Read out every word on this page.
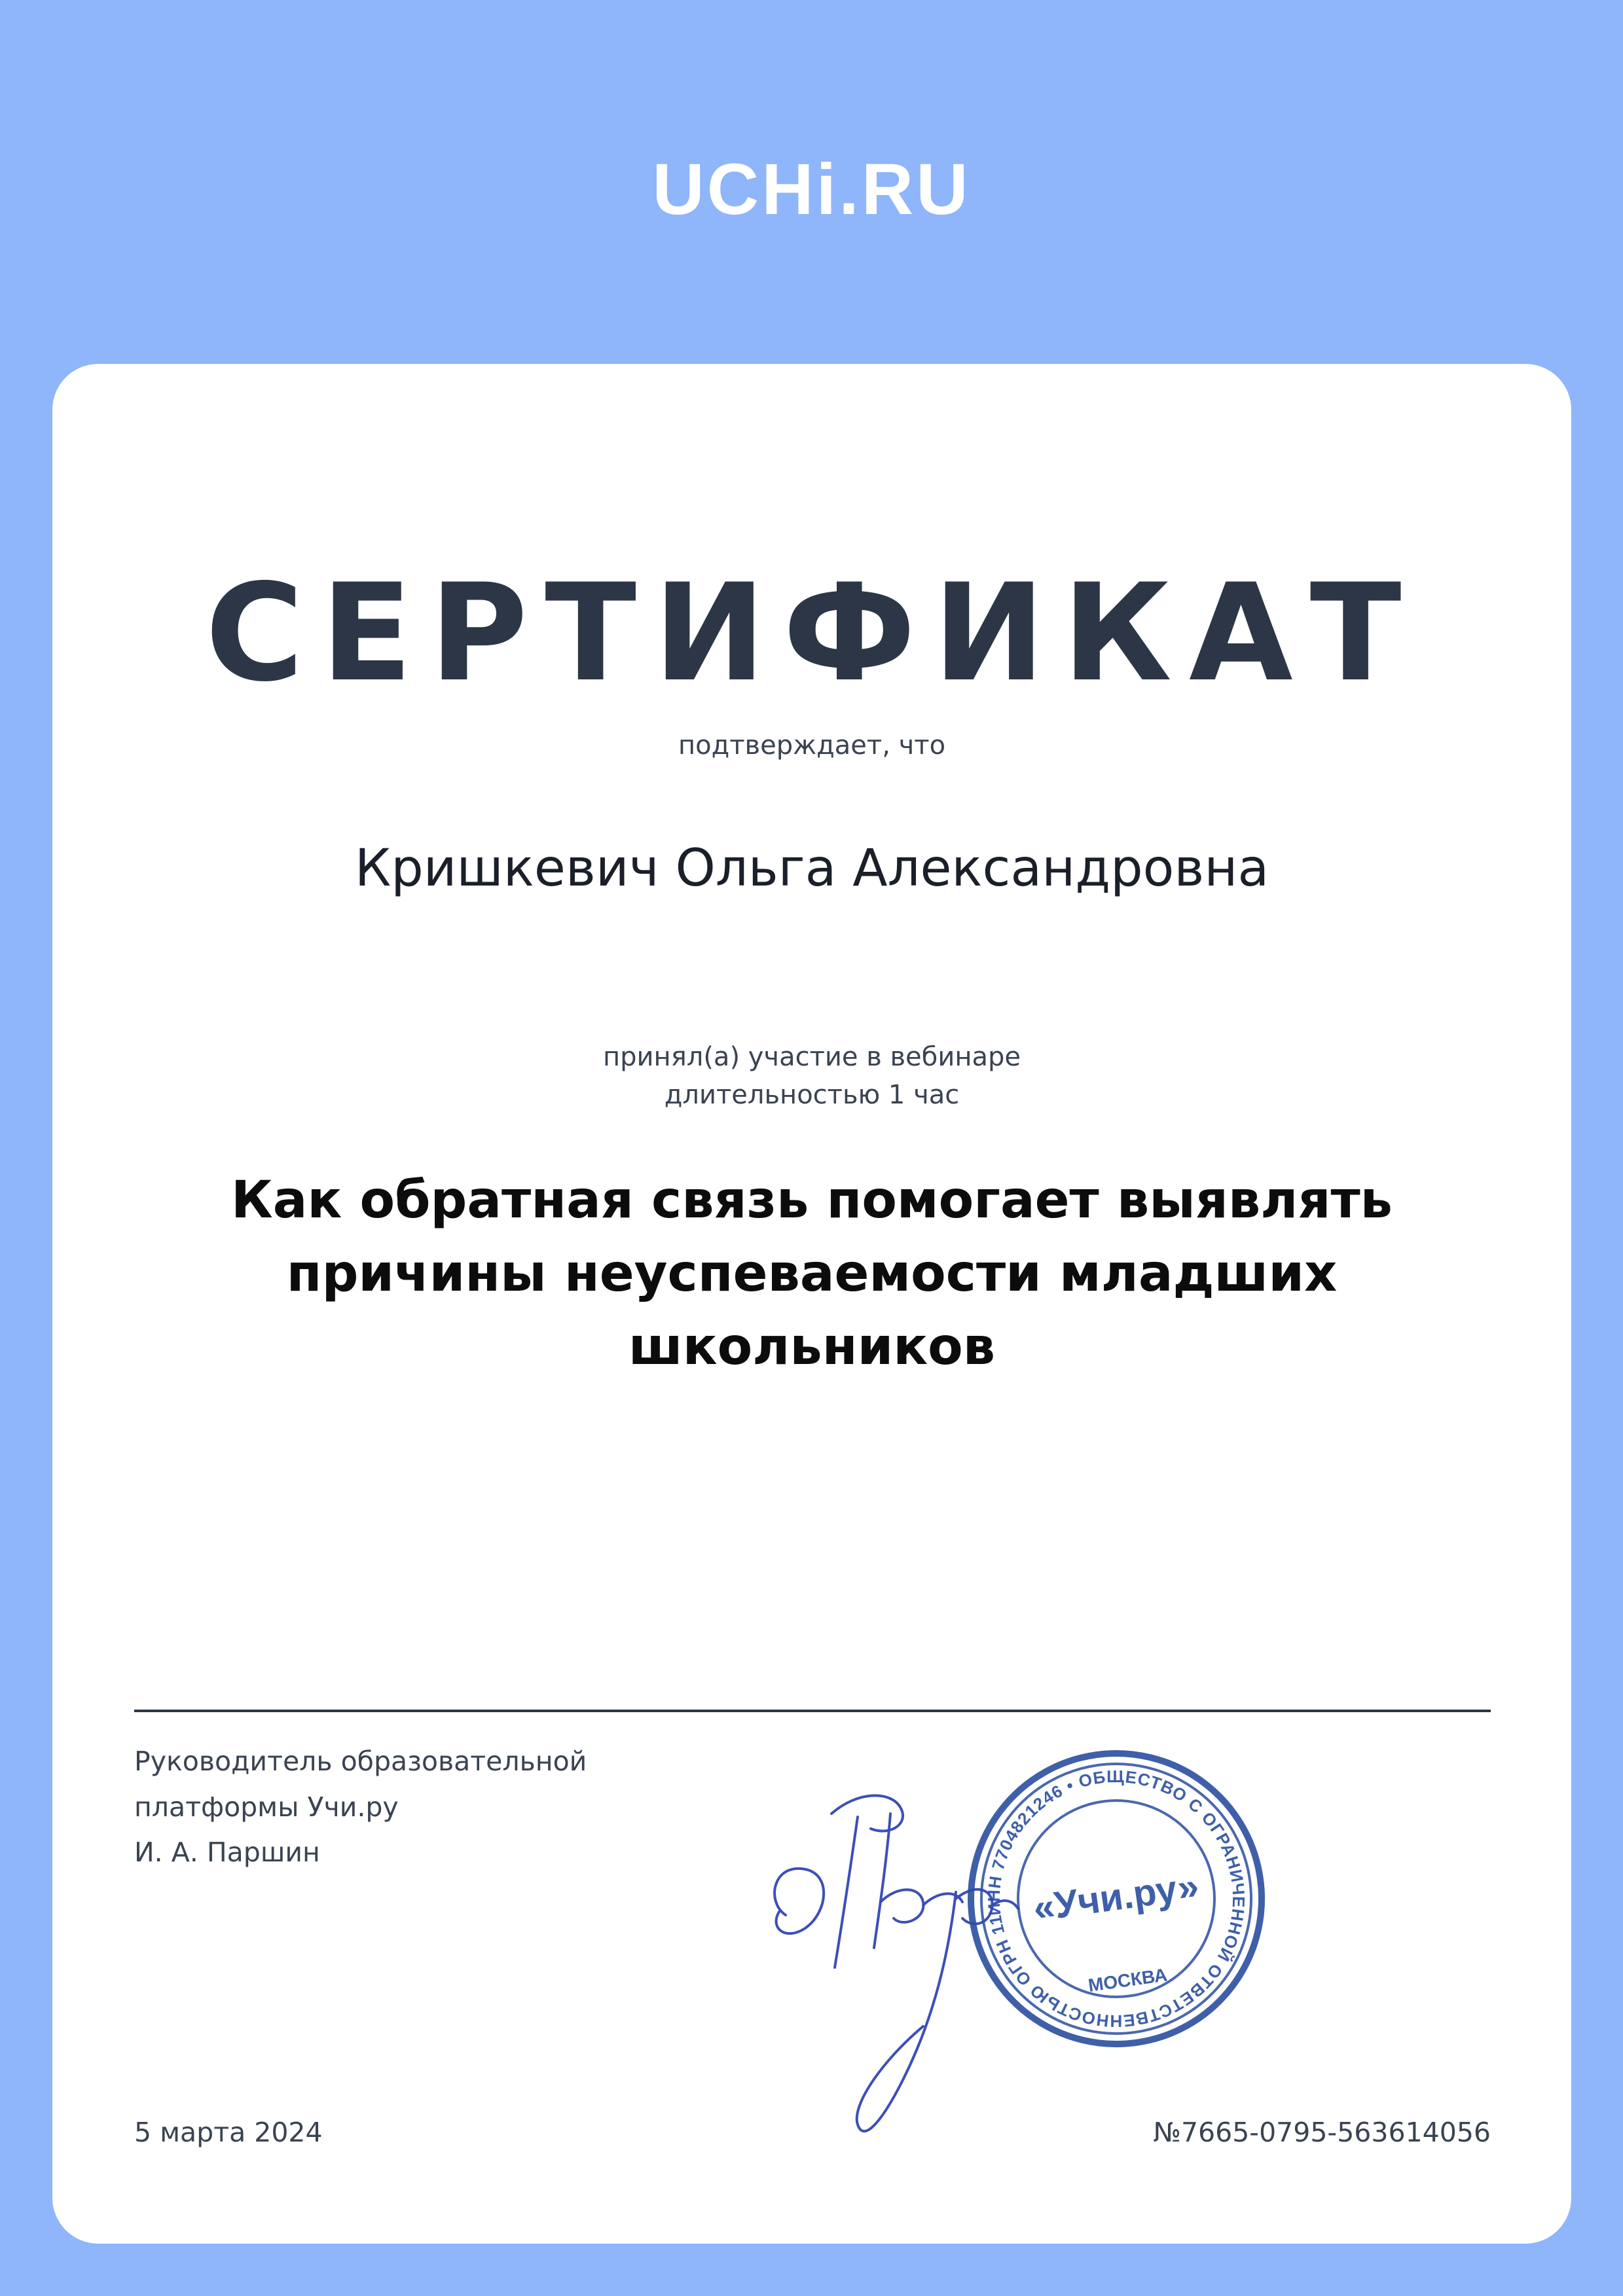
UCHi.RU
СЕРТИФИКАТ
подтверждает, что
Кришкевич Ольга Александровна
принял(а) участие в вебинаре
длительностью 1 час
Как обратная связь помогает выявлять причины неуспеваемости младших школьников
Руководитель образовательной
платформы Учи.ру
И. А. Паршин
ИНН 7704821246 • ОБЩЕСТВО С ОГРАНИЧЕННОЙ ОТВЕТСТВЕННОСТЬЮ ОГРН 1127747153240
«Учи.ру»
МОСКВА
5 марта 2024	№7665-0795-563614056
